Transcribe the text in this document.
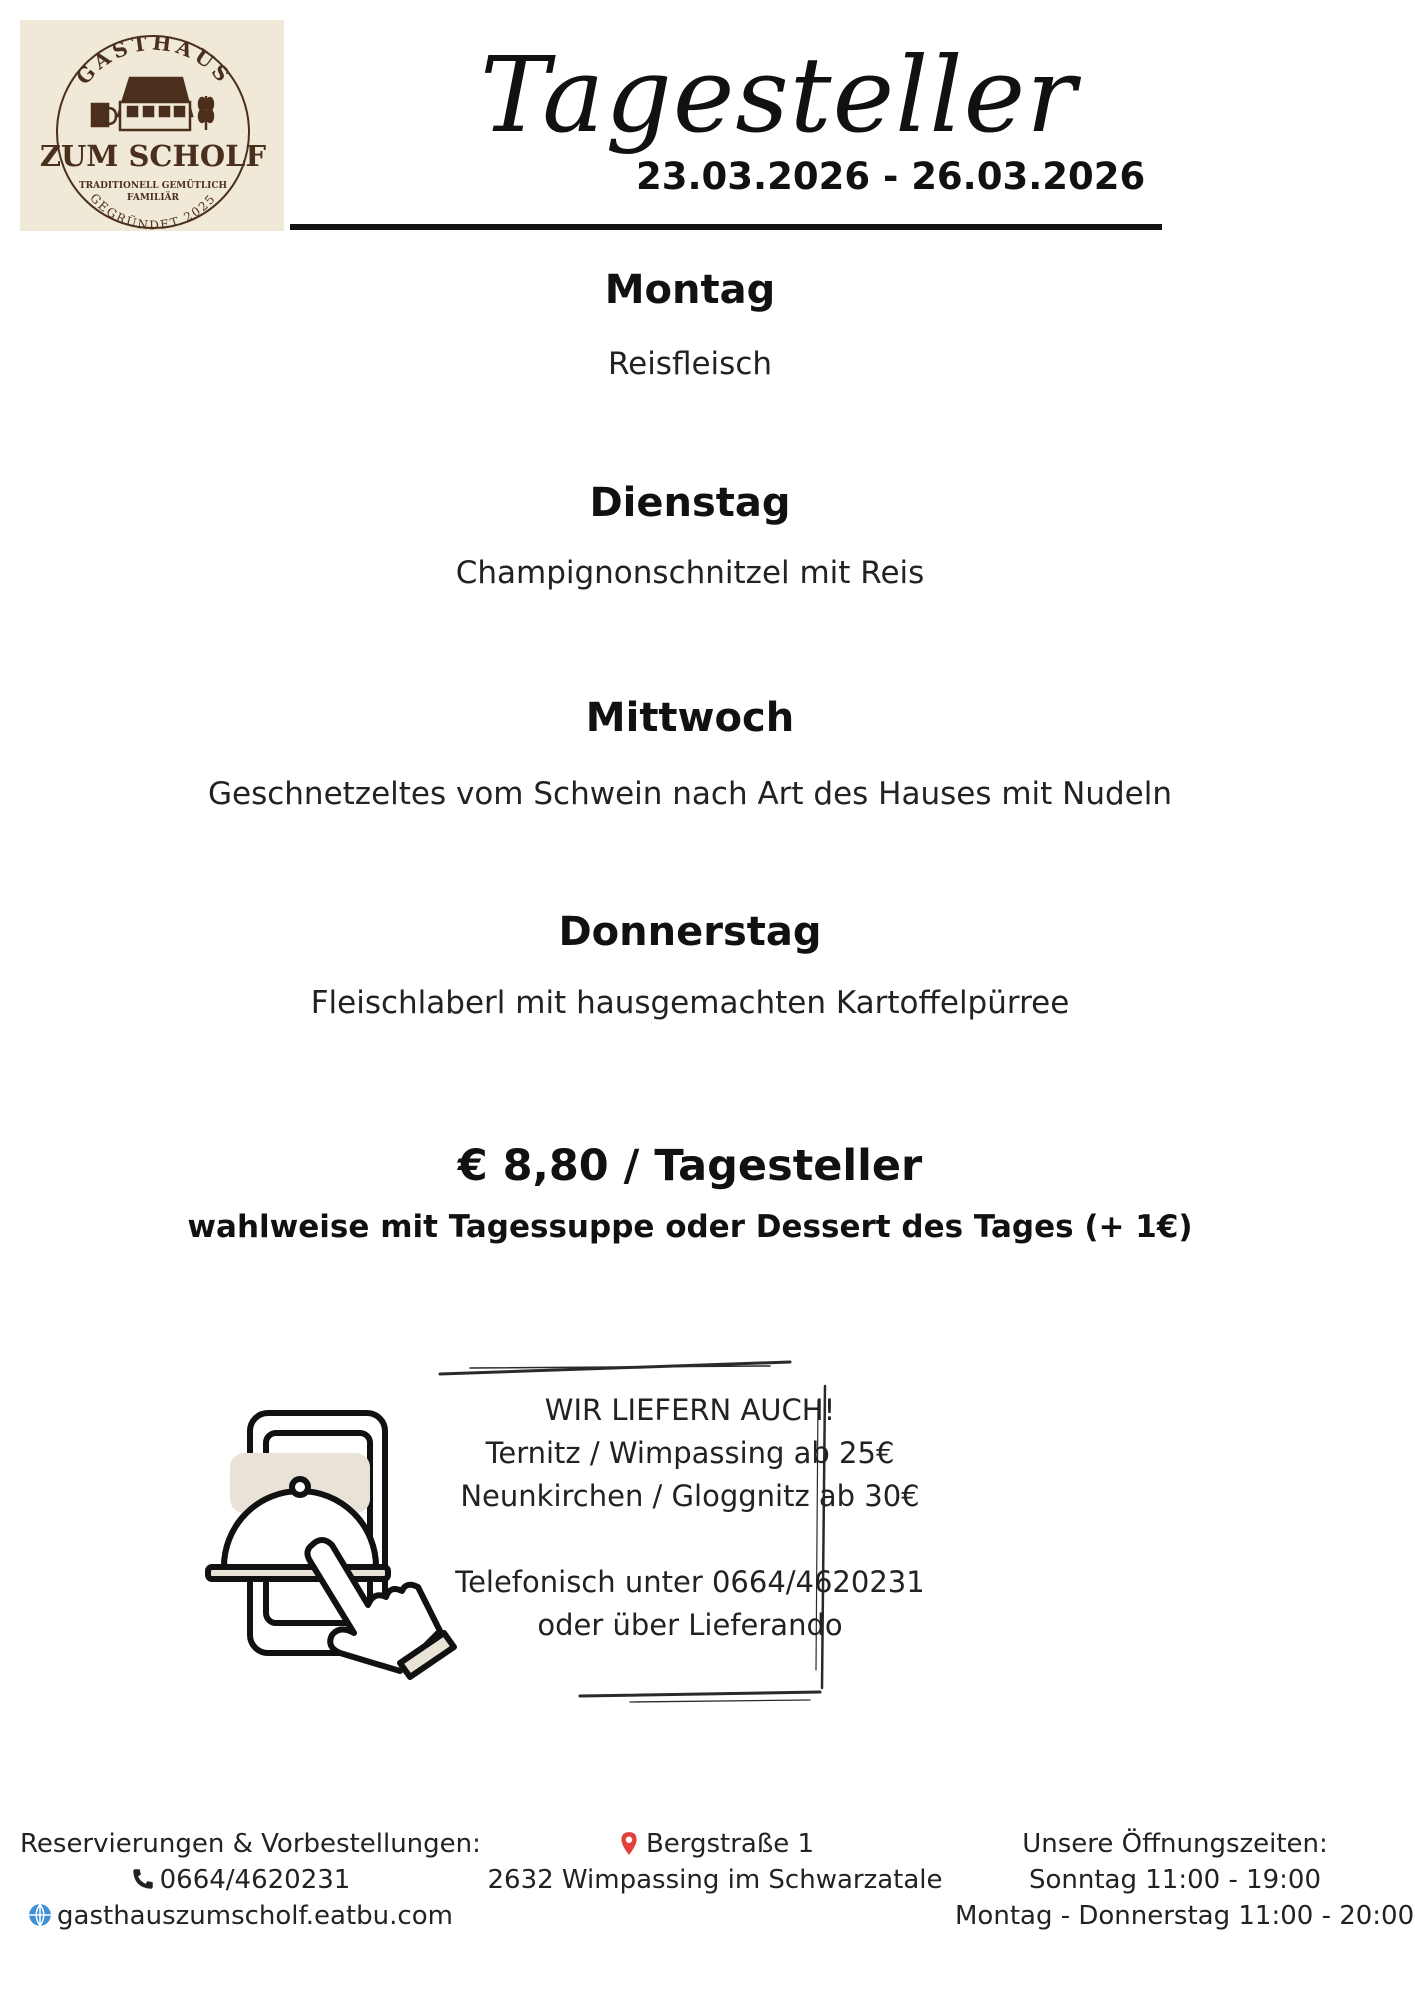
GASTHAUS
ZUM SCHOLF
TRADITIONELL GEMÜTLICH
FAMILIÄR
GEGRÜNDET 2025
Tagesteller
23.03.2026 - 26.03.2026
Montag
Reisfleisch
Dienstag
Champignonschnitzel mit Reis
Mittwoch
Geschnetzeltes vom Schwein nach Art des Hauses mit Nudeln
Donnerstag
Fleischlaberl mit hausgemachten Kartoffelpürree
€ 8,80 / Tagesteller
wahlweise mit Tagessuppe oder Dessert des Tages (+ 1€)
WIR LIEFERN AUCH!
Ternitz / Wimpassing ab 25€
Neunkirchen / Gloggnitz ab 30€
Telefonisch unter 0664/4620231
oder über Lieferando
Reservierungen & Vorbestellungen:
0664/4620231
gasthauszumscholf.eatbu.com
Bergstraße 1
2632 Wimpassing im Schwarzatale
Unsere Öffnungszeiten:
Sonntag 11:00 - 19:00
Montag - Donnerstag 11:00 - 20:00
